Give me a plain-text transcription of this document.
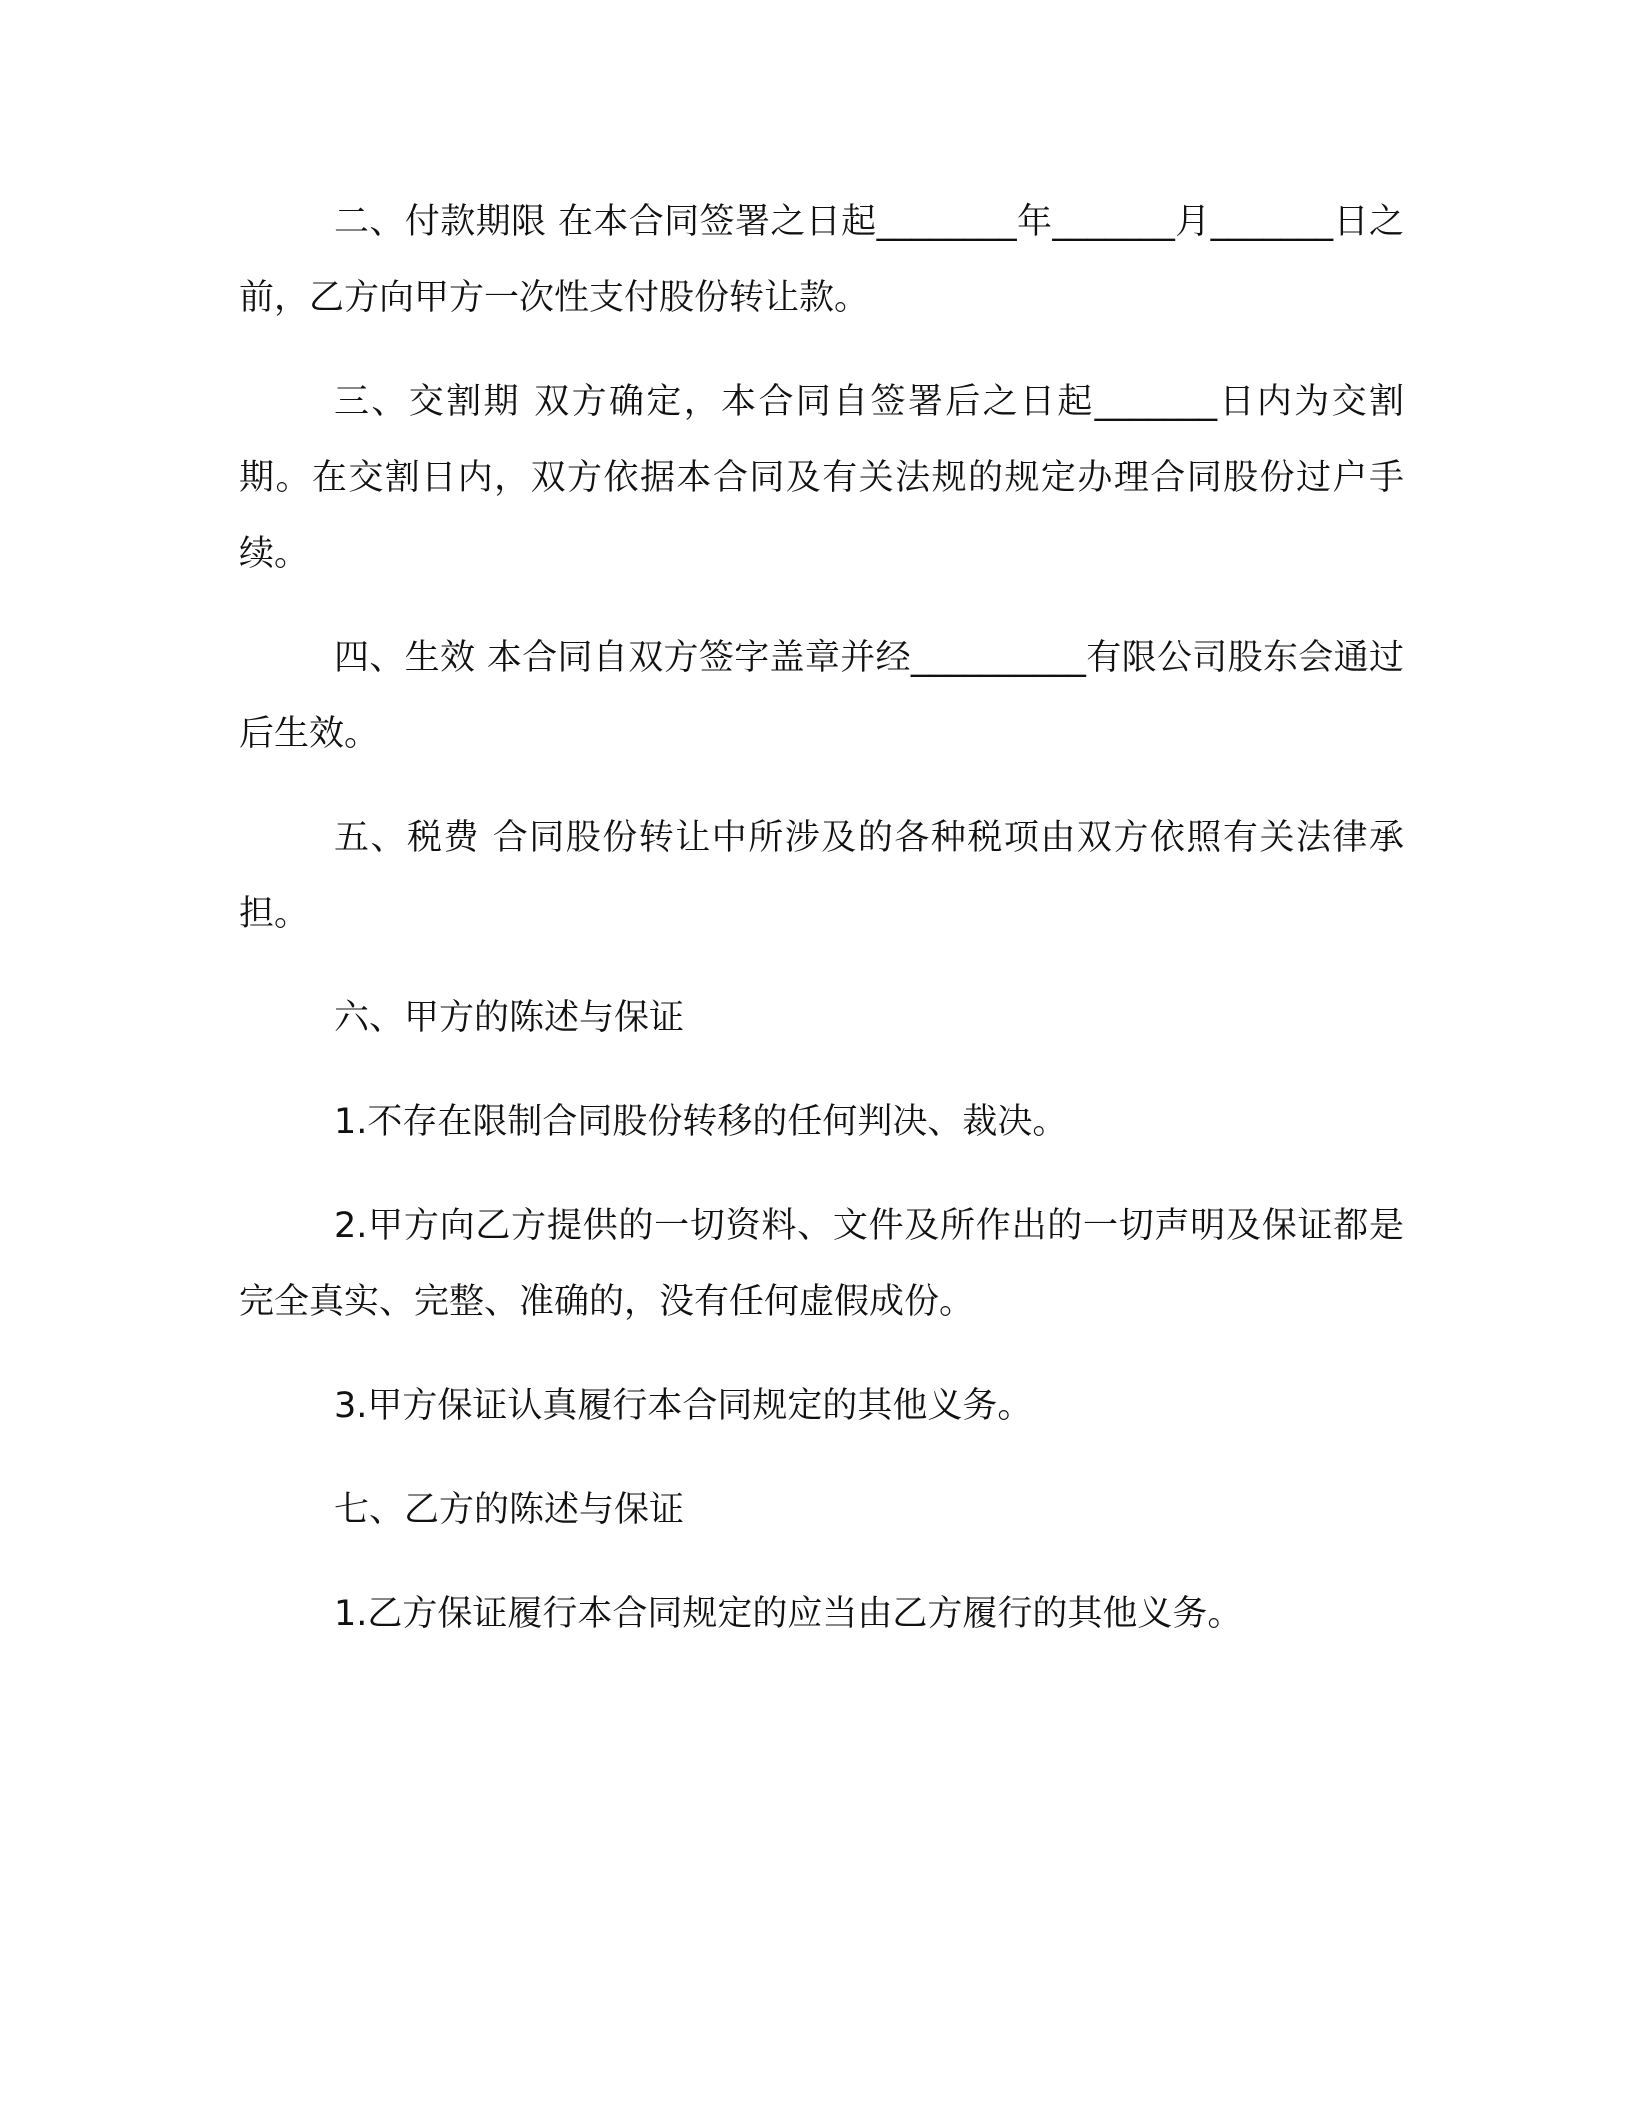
二、付款期限 在本合同签署之日起________年_______月_______日之前，乙方向甲方一次性支付股份转让款。

三、交割期 双方确定，本合同自签署后之日起_______日内为交割期。在交割日内，双方依据本合同及有关法规的规定办理合同股份过户手续。

四、生效 本合同自双方签字盖章并经__________有限公司股东会通过后生效。

五、税费 合同股份转让中所涉及的各种税项由双方依照有关法律承担。

六、甲方的陈述与保证

1.不存在限制合同股份转移的任何判决、裁决。

2.甲方向乙方提供的一切资料、文件及所作出的一切声明及保证都是完全真实、完整、准确的，没有任何虚假成份。

3.甲方保证认真履行本合同规定的其他义务。

七、乙方的陈述与保证

1.乙方保证履行本合同规定的应当由乙方履行的其他义务。
